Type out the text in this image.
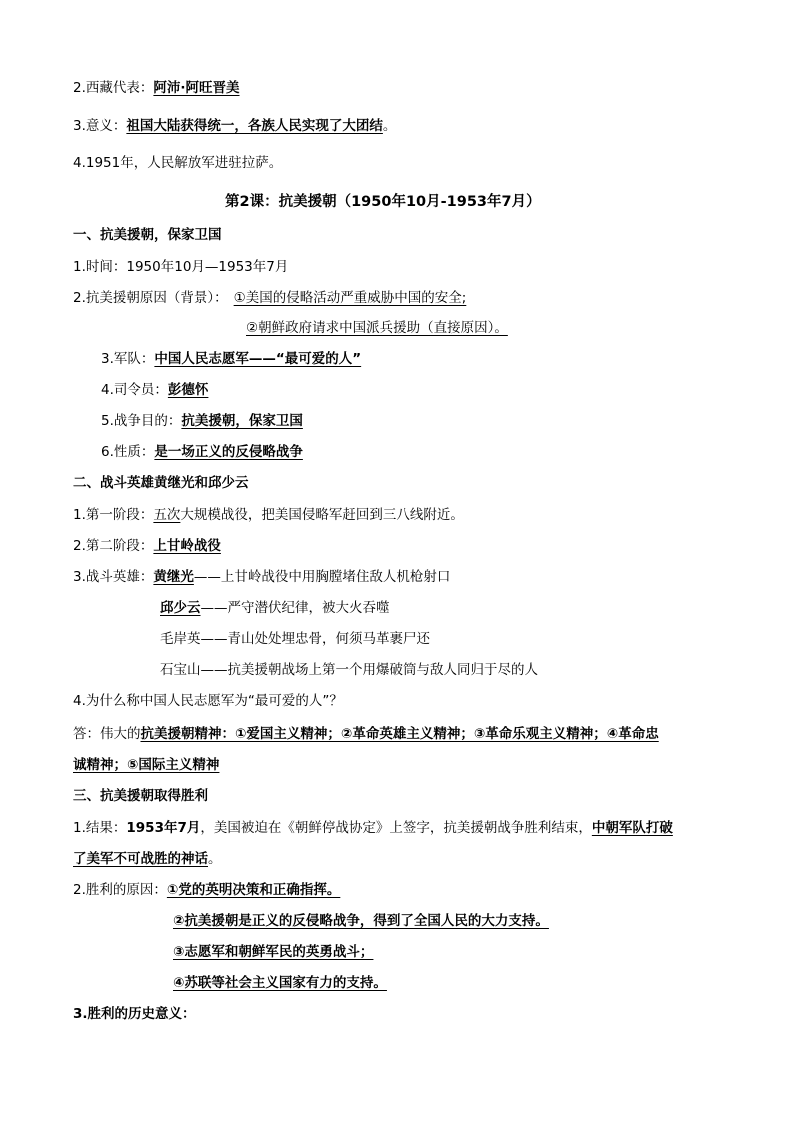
2.西藏代表：阿沛·阿旺晋美
3.意义：祖国大陆获得统一，各族人民实现了大团结。
4.1951年，人民解放军进驻拉萨。
第2课：抗美援朝（1950年10月-1953年7月）
一、抗美援朝，保家卫国
1.时间：1950年10月—1953年7月
2.抗美援朝原因（背景）： ①美国的侵略活动严重威胁中国的安全;
②朝鲜政府请求中国派兵援助（直接原因）。
3.军队：中国人民志愿军——“最可爱的人”
4.司令员：彭德怀
5.战争目的：抗美援朝，保家卫国
6.性质：是一场正义的反侵略战争
二、战斗英雄黄继光和邱少云
1.第一阶段：五次大规模战役，把美国侵略军赶回到三八线附近。
2.第二阶段：上甘岭战役
3.战斗英雄：黄继光——上甘岭战役中用胸膛堵住敌人机枪射口
邱少云——严守潜伏纪律，被大火吞噬
毛岸英——青山处处埋忠骨，何须马革裹尸还
石宝山——抗美援朝战场上第一个用爆破筒与敌人同归于尽的人
4.为什么称中国人民志愿军为“最可爱的人”？
答：伟大的抗美援朝精神：①爱国主义精神；②革命英雄主义精神；③革命乐观主义精神；④革命忠
诚精神；⑤国际主义精神
三、抗美援朝取得胜利
1.结果：1953年7月，美国被迫在《朝鲜停战协定》上签字，抗美援朝战争胜利结束，中朝军队打破
了美军不可战胜的神话。
2.胜利的原因：①党的英明决策和正确指挥。
②抗美援朝是正义的反侵略战争，得到了全国人民的大力支持。
③志愿军和朝鲜军民的英勇战斗；
④苏联等社会主义国家有力的支持。
3.胜利的历史意义：
